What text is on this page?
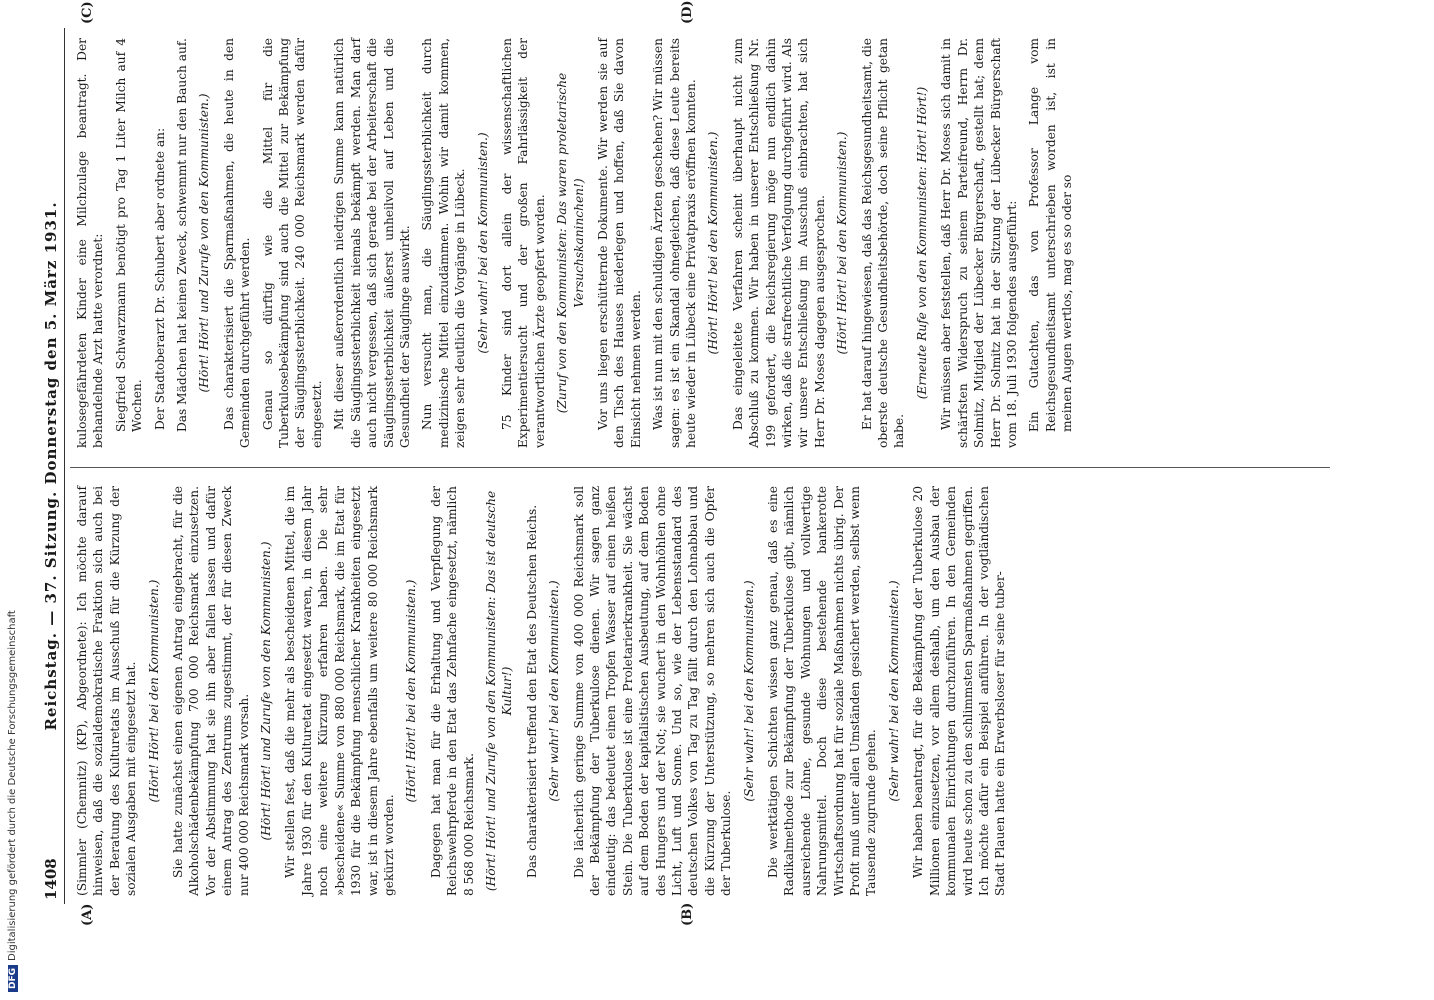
1408
Reichstag. — 37. Sitzung. Donnerstag den 5. März 1931.
(A)	(B)
(C)	(D)

(Simmler (Chemnitz) (KP), Abgeordnete): Ich möchte darauf hinweisen, daß die sozialdemokratische Fraktion sich auch bei der Beratung des Kulturetats im Ausschuß für die Kürzung der sozialen Ausgaben mit eingesetzt hat. (Hört! Hört! bei den Kommunisten.) Sie hatte zunächst einen eigenen Antrag eingebracht, für die Alkoholschädenbekämpfung 700 000 Reichsmark einzusetzen. Vor der Abstimmung hat sie ihn aber fallen lassen und dafür einem Antrag des Zentrums zugestimmt, der für diesen Zweck nur 400 000 Reichsmark vorsah. (Hört! Hört! und Zurufe von den Kommunisten.) Wir stellen fest, daß die mehr als bescheidenen Mittel, die im Jahre 1930 für den Kulturetat eingesetzt waren, in diesem Jahr noch eine weitere Kürzung erfahren haben. Die sehr »bescheidene« Summe von 880 000 Reichsmark, die im Etat für 1930 für die Bekämpfung menschlicher Krankheiten eingesetzt war, ist in diesem Jahre ebenfalls um weitere 80 000 Reichsmark gekürzt worden.

(Hört! Hört! bei den Kommunisten.) Dagegen hat man für die Erhaltung und Verpflegung der Reichswehrpferde in den Etat das Zehnfache eingesetzt, nämlich 8 568 000 Reichsmark. (Hört! Hört! und Zurufe von den Kommunisten: Das ist deutsche Kultur!) Das charakterisiert treffend den Etat des Deutschen Reichs. (Sehr wahr! bei den Kommunisten.) Die lächerlich geringe Summe von 400 000 Reichsmark soll der Bekämpfung der Tuberkulose dienen. Wir sagen ganz eindeutig: das bedeutet einen Tropfen Wasser auf einen heißen Stein. Die Tuberkulose ist eine Proletarierkrankheit. Sie wächst auf dem Boden der kapitalistischen Ausbeutung, auf dem Boden des Hungers und der Not; sie wuchert in den Wohnhöhlen ohne Licht, Luft und Sonne. Und so, wie der Lebensstandard des deutschen Volkes von Tag zu Tag fällt durch den Lohnabbau und die Kürzung der Unterstützung, so mehren sich auch die Opfer der Tuberkulose.

(Sehr wahr! bei den Kommunisten.) Die werktätigen Schichten wissen ganz genau, daß es eine Radikalmethode zur Bekämpfung der Tuberkulose gibt, nämlich ausreichende Löhne, gesunde Wohnungen und vollwertige Nahrungsmittel. Doch diese bestehende bankerotte Wirtschaftsordnung hat für soziale Maßnahmen nichts übrig. Der Profit muß unter allen Umständen gesichert werden, selbst wenn Tausende zugrunde gehen.

(Sehr wahr! bei den Kommunisten.) Wir haben beantragt, für die Bekämpfung der Tuberkulose 20 Millionen einzusetzen, vor allem deshalb, um den Ausbau der kommunalen Einrichtungen durchzuführen. In den Gemeinden wird heute schon zu den schlimmsten Sparmaßnahmen gegriffen. Ich möchte dafür ein Beispiel anführen. In der vogtländischen Stadt Plauen hatte ein Erwerbsloser für seine tuber-

kulosegefährdeten Kinder eine Milchzulage beantragt. Der behandelnde Arzt hatte verordnet: Siegfried Schwarzmann benötigt pro Tag 1 Liter Milch auf 4 Wochen. Der Stadtoberarzt Dr. Schubert aber ordnete an: Das Mädchen hat keinen Zweck, schwemmt nur den Bauch auf. (Hört! Hört! und Zurufe von den Kommunisten.) Das charakterisiert die Sparmaßnahmen, die heute in den Gemeinden durchgeführt werden. Genau so dürftig wie die Mittel für die Tuberkulosebekämpfung sind auch die Mittel zur Bekämpfung der Säuglingssterblichkeit. 240 000 Reichsmark werden dafür eingesetzt. Mit dieser außerordentlich niedrigen Summe kann natürlich die Säuglingssterblichkeit niemals bekämpft werden. Man darf auch nicht vergessen, daß sich gerade bei der Arbeiterschaft die Säuglingssterblichkeit äußerst unheilvoll auf Leben und die Gesundheit der Säuglinge auswirkt. Nun versucht man, die Säuglingssterblichkeit durch medizinische Mittel einzudämmen. Wohin wir damit kommen, zeigen sehr deutlich die Vorgänge in Lübeck. (Sehr wahr! bei den Kommunisten.) 75 Kinder sind dort allein der wissenschaftlichen Experimentiersucht und der großen Fahrlässigkeit der verantwortlichen Ärzte geopfert worden. (Zuruf von den Kommunisten: Das waren proletarische Versuchskaninchen!) Vor uns liegen erschütternde Dokumente. Wir werden sie auf den Tisch des Hauses niederlegen und hoffen, daß Sie davon Einsicht nehmen werden. Was ist nun mit den schuldigen Ärzten geschehen? Wir müssen sagen: es ist ein Skandal ohnegleichen, daß diese Leute bereits heute wieder in Lübeck eine Privatpraxis eröffnen konnten. (Hört! Hört! bei den Kommunisten.) Das eingeleitete Verfahren scheint überhaupt nicht zum Abschluß zu kommen. Wir haben in unserer Entschließung Nr. 199 gefordert, die Reichsregierung möge nun endlich dahin wirken, daß die strafrechtliche Verfolgung durchgeführt wird. Als wir unsere Entschließung im Ausschuß einbrachten, hat sich Herr Dr. Moses dagegen ausgesprochen. (Hört! Hört! bei den Kommunisten.) Er hat darauf hingewiesen, daß das Reichsgesundheitsamt, die oberste deutsche Gesundheitsbehörde, doch seine Pflicht getan habe.

(Erneute Rufe von den Kommunisten: Hört! Hört!) Wir müssen aber feststellen, daß Herr Dr. Moses sich damit in schärfsten Widerspruch zu seinem Parteifreund, Herrn Dr. Solmitz, Mitglied der Lübecker Bürgerschaft, gestellt hat; denn Herr Dr. Solmitz hat in der Sitzung der Lübecker Bürgerschaft vom 18. Juli 1930 folgendes ausgeführt: Ein Gutachten, das von Professor Lange vom Reichsgesundheitsamt unterschrieben worden ist, ist in meinen Augen wertlos, mag es so oder so

DFGDigitalisierung gefördert durch die Deutsche Forschungsgemeinschaft
